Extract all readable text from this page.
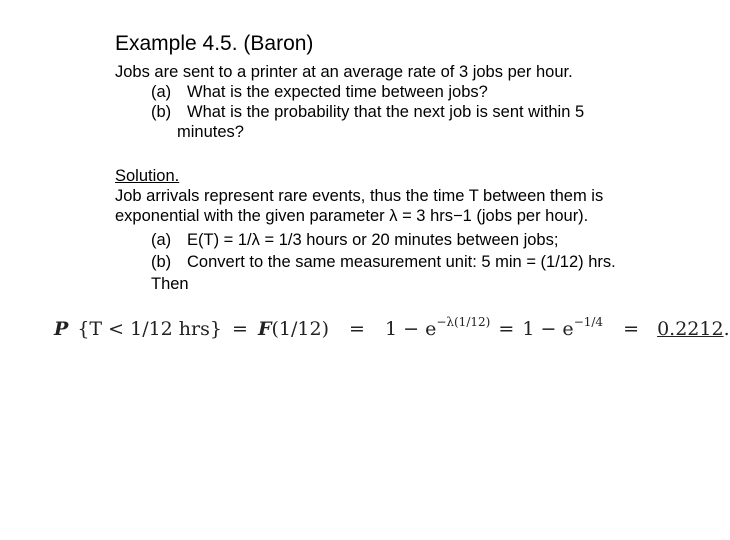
Example 4.5. (Baron)
Jobs are sent to a printer at an average rate of 3 jobs per hour.
(a) What is the expected time between jobs?
(b) What is the probability that the next job is sent within 5
minutes?
Solution.
Job arrivals represent rare events, thus the time T between them is
exponential with the given parameter λ = 3 hrs−1 (jobs per hour).
(a) E(T) = 1/λ = 1/3 hours or 20 minutes between jobs;
(b) Convert to the same measurement unit: 5 min = (1/12) hrs.
Then
P {T < 1/12 hrs} = F(1/12) = 1 − e−λ(1/12) = 1 − e−1/4 = 0.2212.
